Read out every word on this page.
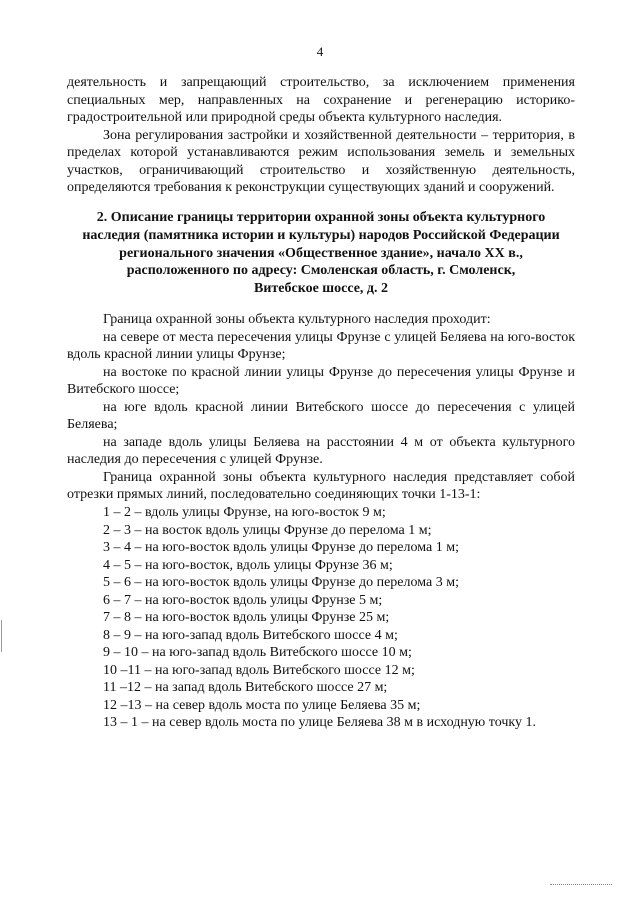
4

деятельность и запрещающий строительство, за исключением применения

специальных мер, направленных на сохранение и регенерацию историко-

градостроительной или природной среды объекта культурного наследия.

Зона регулирования застройки и хозяйственной деятельности – территория, в

пределах которой устанавливаются режим использования земель и земельных

участков, ограничивающий строительство и хозяйственную деятельность,

определяются требования к реконструкции существующих зданий и сооружений.

2. Описание границы территории охранной зоны объекта культурного

наследия (памятника истории и культуры) народов Российской Федерации

регионального значения «Общественное здание», начало XX в.,

расположенного по адресу: Смоленская область, г. Смоленск,

Витебское шоссе, д. 2

Граница охранной зоны объекта культурного наследия проходит:

на севере от места пересечения улицы Фрунзе с улицей Беляева на юго-восток

вдоль красной линии улицы Фрунзе;

на востоке по красной линии улицы Фрунзе до пересечения улицы Фрунзе и

Витебского шоссе;

на юге вдоль красной линии Витебского шоссе до пересечения с улицей

Беляева;

на западе вдоль улицы Беляева на расстоянии 4 м от объекта культурного

наследия до пересечения с улицей Фрунзе.

Граница охранной зоны объекта культурного наследия представляет собой

отрезки прямых линий, последовательно соединяющих точки 1-13-1:

1 – 2 – вдоль улицы Фрунзе, на юго-восток 9 м;

2 – 3 – на восток вдоль улицы Фрунзе до перелома 1 м;

3 – 4 – на юго-восток вдоль улицы Фрунзе до перелома 1 м;

4 – 5 – на юго-восток, вдоль улицы Фрунзе 36 м;

5 – 6 – на юго-восток вдоль улицы Фрунзе до перелома 3 м;

6 – 7 – на юго-восток вдоль улицы Фрунзе 5 м;

7 – 8 – на юго-восток вдоль улицы Фрунзе 25 м;

8 – 9 – на юго-запад вдоль Витебского шоссе 4 м;

9 – 10 – на юго-запад вдоль Витебского шоссе 10 м;

10 –11 – на юго-запад вдоль Витебского шоссе 12 м;

11 –12 – на запад вдоль Витебского шоссе 27 м;

12 –13 – на север вдоль моста по улице Беляева 35 м;

13 – 1 – на север вдоль моста по улице Беляева 38 м в исходную точку 1.
